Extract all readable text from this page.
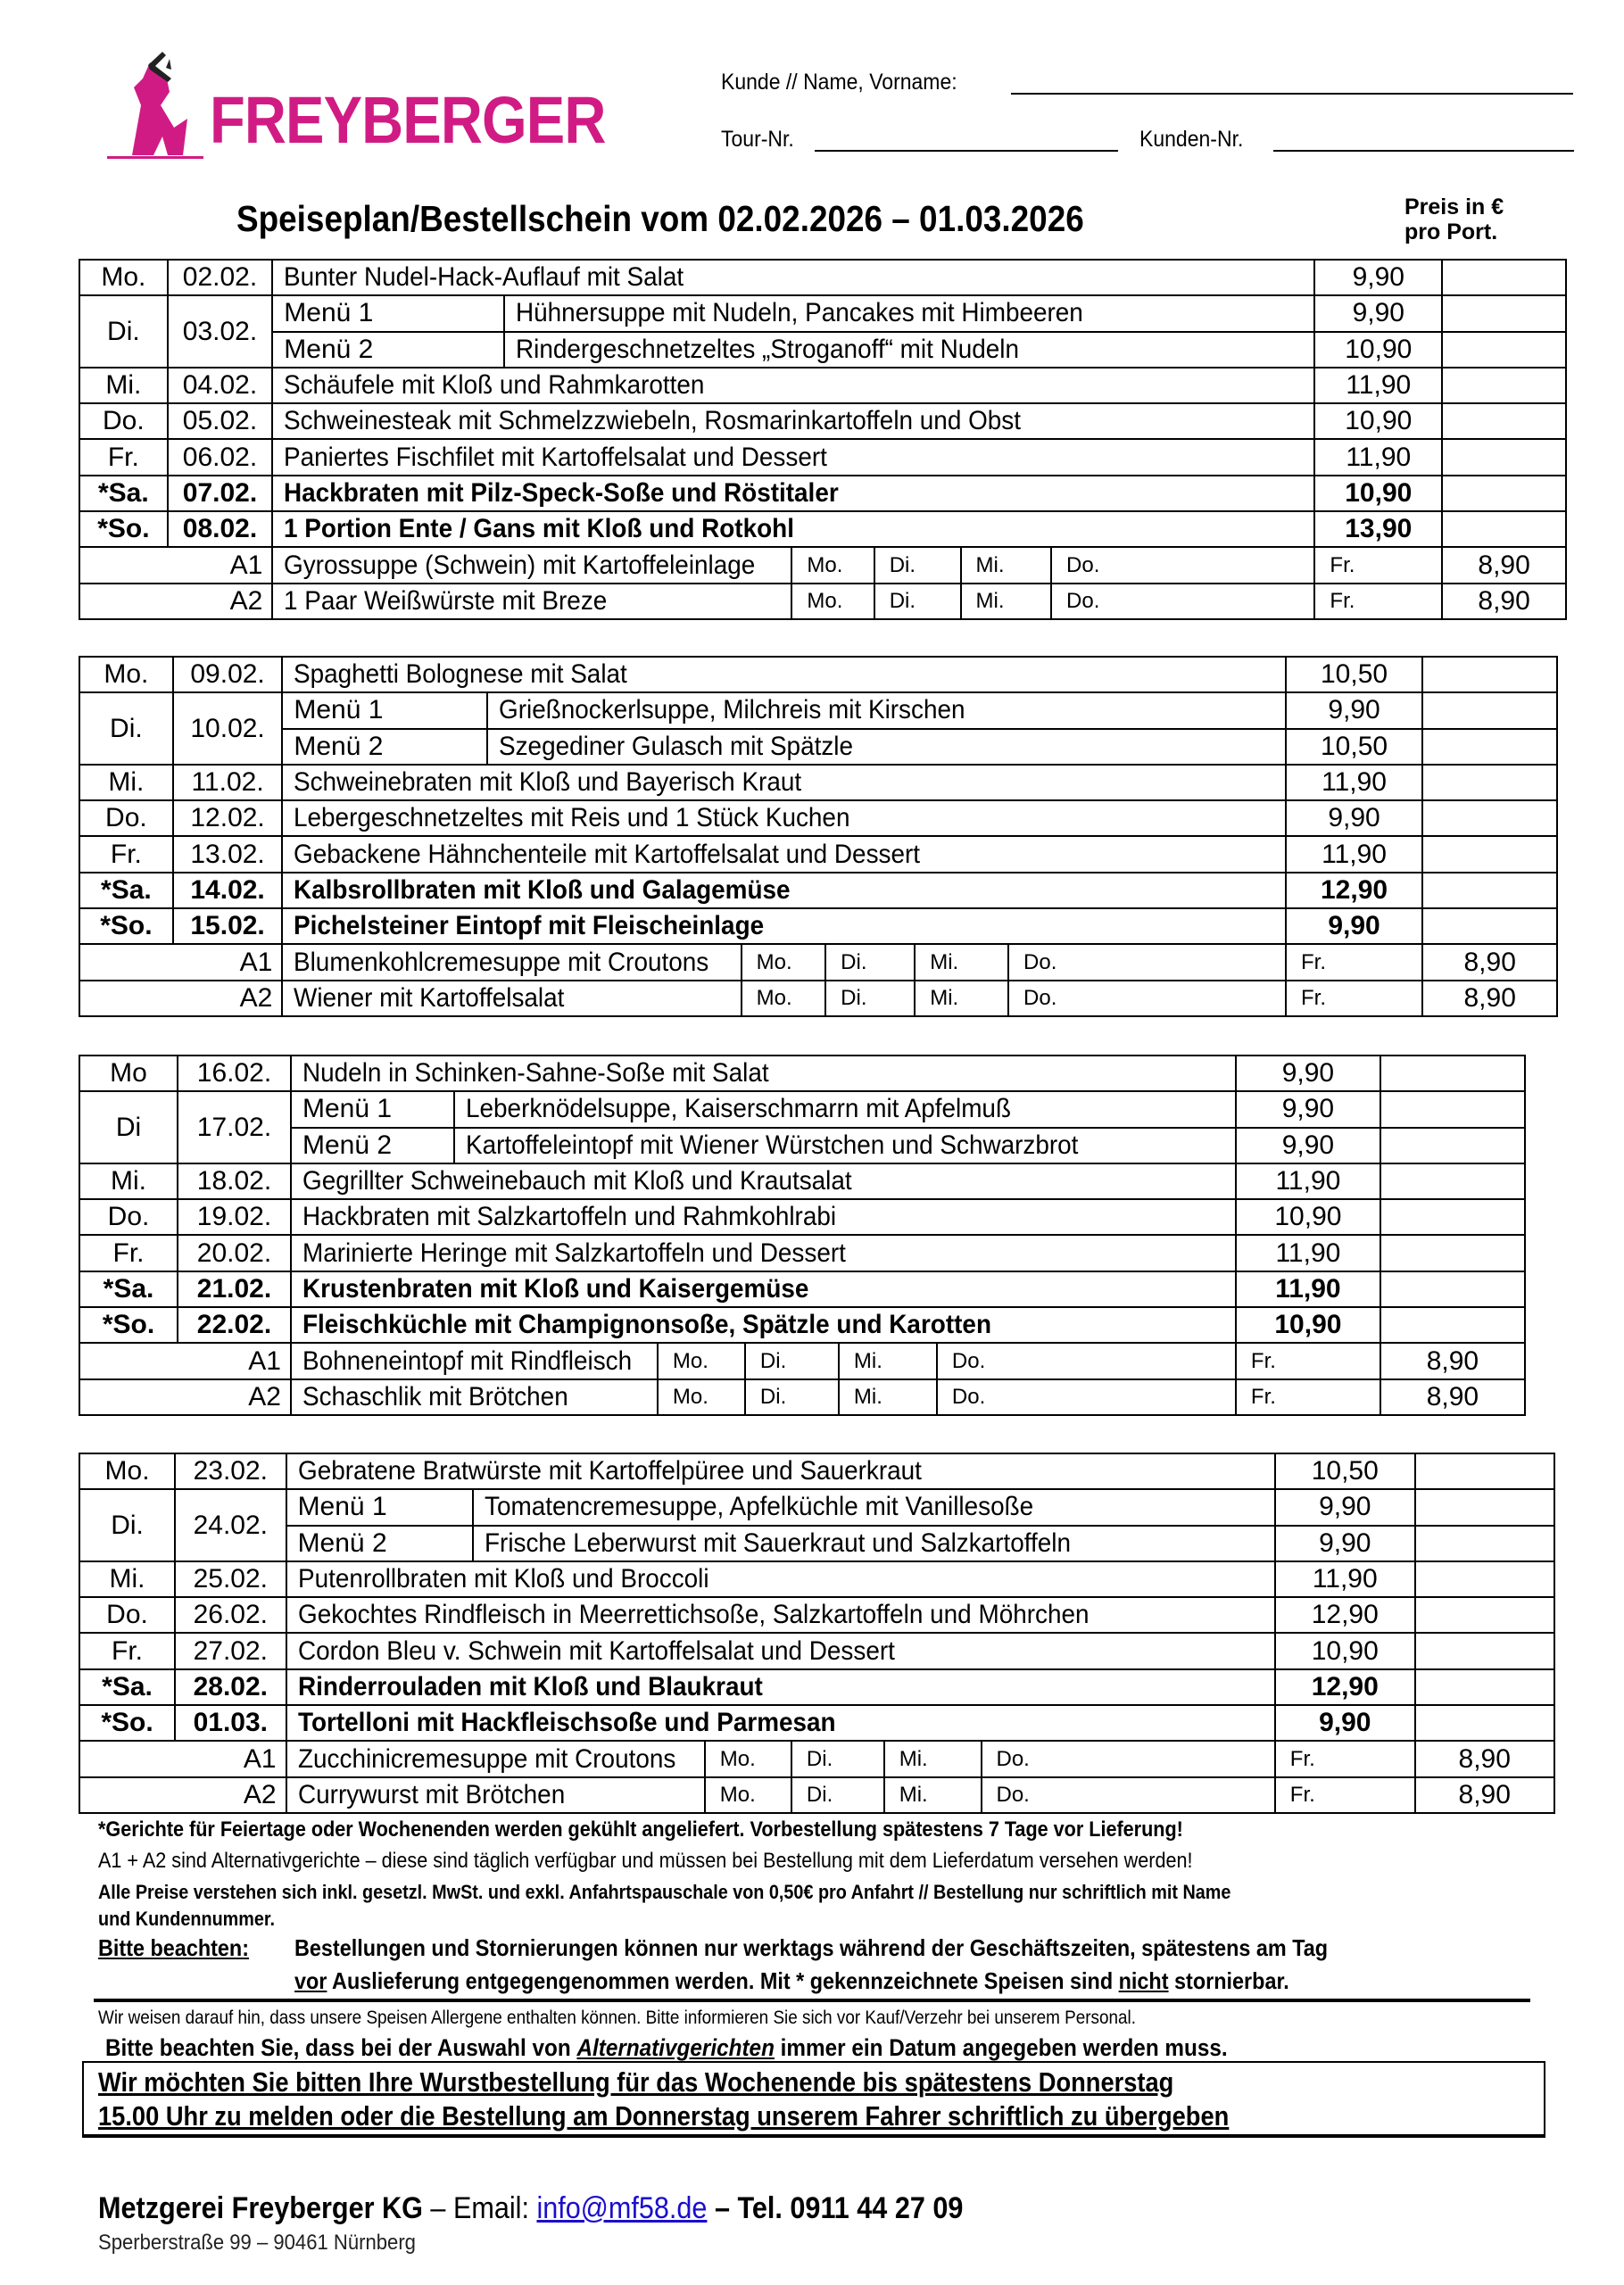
FREYBERGER
Kunde // Name, Vorname:
Tour-Nr.	Kunden-Nr.
Speiseplan/Bestellschein vom 02.02.2026 – 01.03.2026	Preis in €
pro Port.
Mo.	02.02.	Bunter Nudel-Hack-Auflauf mit Salat						9,90		
Di.	03.02.	Menü 1	Hühnersuppe mit Nudeln, Pancakes mit Himbeeren					9,90		
		Menü 2	Rindergeschnetzeltes „Stroganoff“ mit Nudeln					10,90		
Mi.	04.02.	Schäufele mit Kloß und Rahmkarotten						11,90		
Do.	05.02.	Schweinesteak mit Schmelzzwiebeln, Rosmarinkartoffeln und Obst						10,90		
Fr.	06.02.	Paniertes Fischfilet mit Kartoffelsalat und Dessert						11,90		
*Sa.	07.02.	Hackbraten mit Pilz-Speck-Soße und Röstitaler						10,90		
*So.	08.02.	1 Portion Ente / Gans mit Kloß und Rotkohl						13,90		
A1		Gyrossuppe (Schwein) mit Kartoffeleinlage		Mo.	Di.	Mi.	Do.	Fr.	8,90	
A2		1 Paar Weißwürste mit Breze		Mo.	Di.	Mi.	Do.	Fr.	8,90	
Mo.	09.02.	Spaghetti Bolognese mit Salat						10,50		
Di.	10.02.	Menü 1	Grießnockerlsuppe, Milchreis mit Kirschen					9,90		
		Menü 2	Szegediner Gulasch mit Spätzle					10,50		
Mi.	11.02.	Schweinebraten mit Kloß und Bayerisch Kraut						11,90		
Do.	12.02.	Lebergeschnetzeltes mit Reis und 1 Stück Kuchen						9,90		
Fr.	13.02.	Gebackene Hähnchenteile mit Kartoffelsalat und Dessert						11,90		
*Sa.	14.02.	Kalbsrollbraten mit Kloß und Galagemüse						12,90		
*So.	15.02.	Pichelsteiner Eintopf mit Fleischeinlage						9,90		
A1		Blumenkohlcremesuppe mit Croutons		Mo.	Di.	Mi.	Do.	Fr.	8,90	
A2		Wiener mit Kartoffelsalat		Mo.	Di.	Mi.	Do.	Fr.	8,90	
Mo	16.02.	Nudeln in Schinken-Sahne-Soße mit Salat						9,90		
Di	17.02.	Menü 1	Leberknödelsuppe, Kaiserschmarrn mit Apfelmuß					9,90		
		Menü 2	Kartoffeleintopf mit Wiener Würstchen und Schwarzbrot					9,90		
Mi.	18.02.	Gegrillter Schweinebauch mit Kloß und Krautsalat						11,90		
Do.	19.02.	Hackbraten mit Salzkartoffeln und Rahmkohlrabi						10,90		
Fr.	20.02.	Marinierte Heringe mit Salzkartoffeln und Dessert						11,90		
*Sa.	21.02.	Krustenbraten mit Kloß und Kaisergemüse						11,90		
*So.	22.02.	Fleischküchle mit Champignonsoße, Spätzle und Karotten						10,90		
A1		Bohneneintopf mit Rindfleisch		Mo.	Di.	Mi.	Do.	Fr.	8,90	
A2		Schaschlik mit Brötchen		Mo.	Di.	Mi.	Do.	Fr.	8,90	
Mo.	23.02.	Gebratene Bratwürste mit Kartoffelpüree und Sauerkraut						10,50		
Di.	24.02.	Menü 1	Tomatencremesuppe, Apfelküchle mit Vanillesoße					9,90		
		Menü 2	Frische Leberwurst mit Sauerkraut und Salzkartoffeln					9,90		
Mi.	25.02.	Putenrollbraten mit Kloß und Broccoli						11,90		
Do.	26.02.	Gekochtes Rindfleisch in Meerrettichsoße, Salzkartoffeln und Möhrchen						12,90		
Fr.	27.02.	Cordon Bleu v. Schwein mit Kartoffelsalat und Dessert						10,90		
*Sa.	28.02.	Rinderrouladen mit Kloß und Blaukraut						12,90		
*So.	01.03.	Tortelloni mit Hackfleischsoße und Parmesan						9,90		
A1		Zucchinicremesuppe mit Croutons		Mo.	Di.	Mi.	Do.	Fr.	8,90	
A2		Currywurst mit Brötchen		Mo.	Di.	Mi.	Do.	Fr.	8,90	
*Gerichte für Feiertage oder Wochenenden werden gekühlt angeliefert. Vorbestellung spätestens 7 Tage vor Lieferung!
A1 + A2 sind Alternativgerichte – diese sind täglich verfügbar und müssen bei Bestellung mit dem Lieferdatum versehen werden!
Alle Preise verstehen sich inkl. gesetzl. MwSt. und exkl. Anfahrtspauschale von 0,50€ pro Anfahrt // Bestellung nur schriftlich mit Name
und Kundennummer.
Bitte beachten: Bestellungen und Stornierungen können nur werktags während der Geschäftszeiten, spätestens am Tag
vor Auslieferung entgegengenommen werden. Mit * gekennzeichnete Speisen sind nicht stornierbar.
Wir weisen darauf hin, dass unsere Speisen Allergene enthalten können. Bitte informieren Sie sich vor Kauf/Verzehr bei unserem Personal.
Bitte beachten Sie, dass bei der Auswahl von Alternativgerichten immer ein Datum angegeben werden muss.
Wir möchten Sie bitten Ihre Wurstbestellung für das Wochenende bis spätestens Donnerstag
15.00 Uhr zu melden oder die Bestellung am Donnerstag unserem Fahrer schriftlich zu übergeben
Metzgerei Freyberger KG – Email: info@mf58.de – Tel. 0911 44 27 09
Sperberstraße 99 – 90461 Nürnberg
